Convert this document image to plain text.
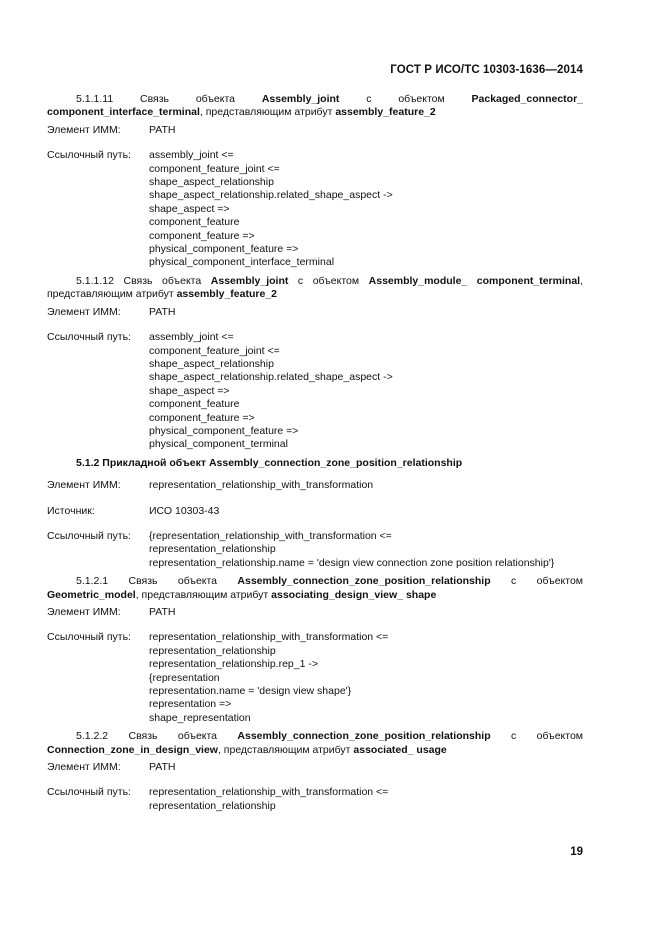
ГОСТ Р ИСО/ТС 10303-1636—2014

5.1.1.11	Связь объекта	Assembly_joint	с объектом	Packaged_connector_ component_interface_terminal, представляющим атрибут assembly_feature_2

Элемент ИММ:	PATH
Ссылочный путь:	assembly_joint <=
component_feature_joint <=
shape_aspect_relationship
shape_aspect_relationship.related_shape_aspect ->
shape_aspect =>
component_feature
component_feature =>
physical_component_feature =>
physical_component_interface_terminal

5.1.1.12 Связь объекта Assembly_joint с объектом Assembly_module_ component_terminal, представляющим атрибут assembly_feature_2

Элемент ИММ:	PATH
Ссылочный путь:	assembly_joint <=
component_feature_joint <=
shape_aspect_relationship
shape_aspect_relationship.related_shape_aspect ->
shape_aspect =>
component_feature
component_feature =>
physical_component_feature =>
physical_component_terminal
5.1.2 Прикладной объект Assembly_connection_zone_position_relationship
Элемент ИММ:	representation_relationship_with_transformation
Источник:	ИСО 10303-43
Ссылочный путь:	{representation_relationship_with_transformation <=
representation_relationship
representation_relationship.name = 'design view connection zone position relationship'}

5.1.2.1 Связь объекта Assembly_connection_zone_position_relationship с объектом Geometric_model, представляющим атрибут associating_design_view_ shape

Элемент ИММ:	PATH
Ссылочный путь:	representation_relationship_with_transformation <=
representation_relationship
representation_relationship.rep_1 ->
{representation
representation.name = 'design view shape'}
representation =>
shape_representation

5.1.2.2 Связь объекта Assembly_connection_zone_position_relationship с объектом Connection_zone_in_design_view, представляющим атрибут associated_ usage

Элемент ИММ:	PATH
Ссылочный путь:	representation_relationship_with_transformation <=
representation_relationship
19
